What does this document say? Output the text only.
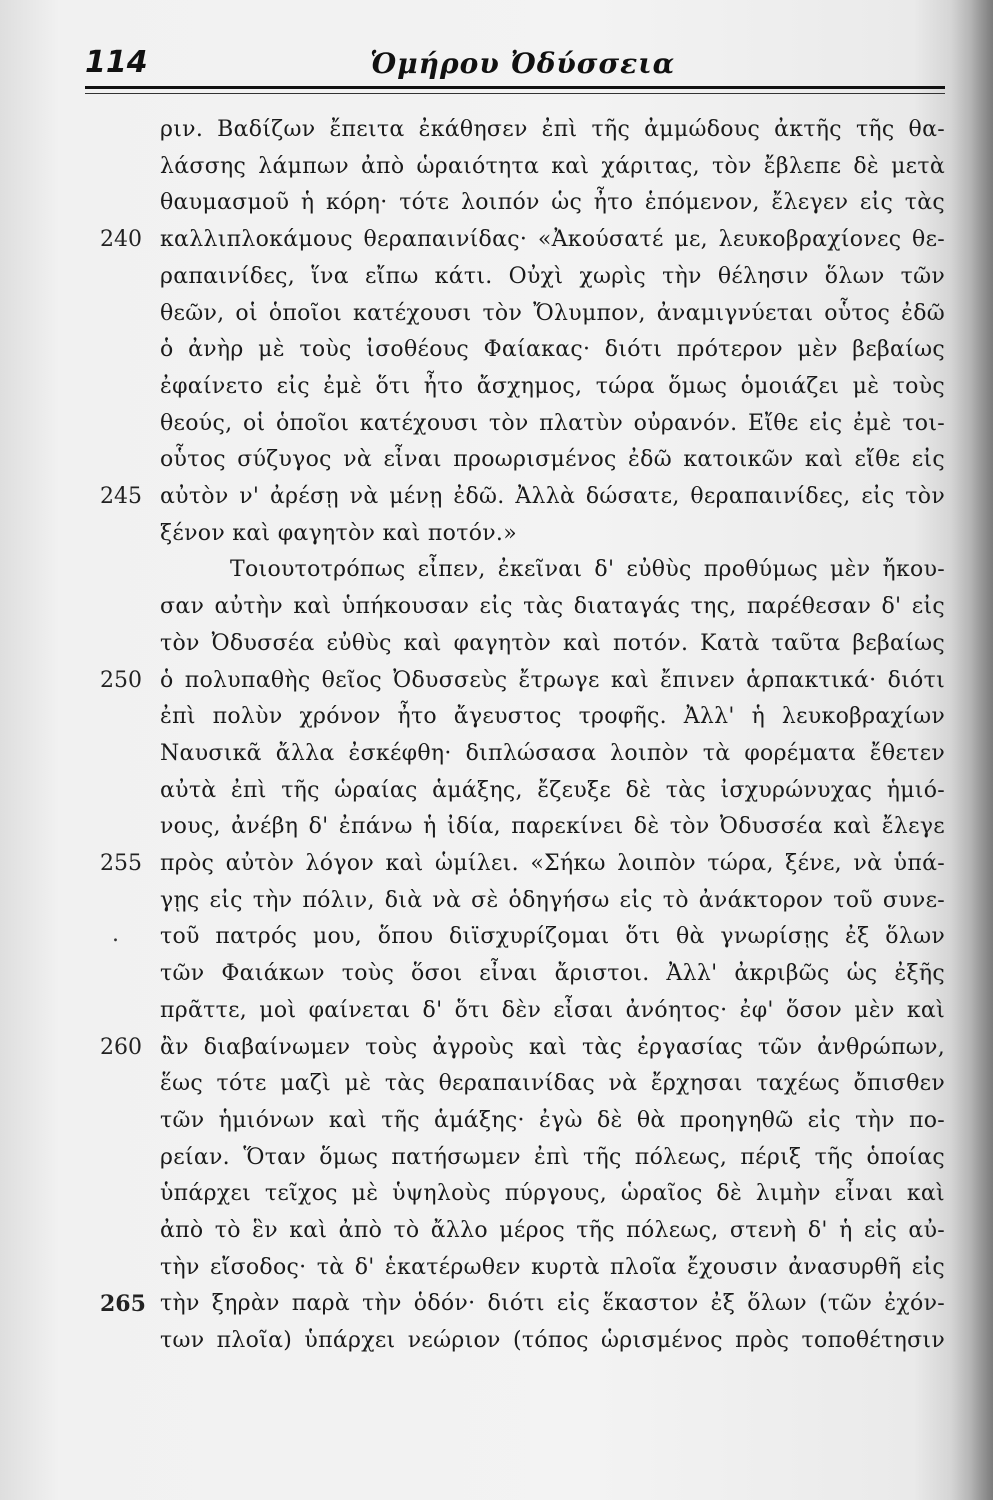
114	Ὁμήρου Ὀδύσσεια
ριν. Βαδίζων ἔπειτα ἐκάθησεν ἐπὶ τῆς ἀμμώδους ἀκτῆς τῆς θα-
λάσσης λάμπων ἀπὸ ὡραιότητα καὶ χάριτας, τὸν ἔβλεπε δὲ μετὰ
θαυμασμοῦ ἡ κόρη· τότε λοιπόν ὡς ἦτο ἑπόμενον, ἔλεγεν εἰς τὰς
καλλιπλοκάμους θεραπαινίδας· «Ἀκούσατέ με, λευκοβραχίονες θε-
240
ραπαινίδες, ἵνα εἴπω κάτι. Οὐχὶ χωρὶς τὴν θέλησιν ὅλων τῶν
θεῶν, οἱ ὁποῖοι κατέχουσι τὸν Ὄλυμπον, ἀναμιγνύεται οὗτος ἐδῶ
ὁ ἀνὴρ μὲ τοὺς ἰσοθέους Φαίακας· διότι πρότερον μὲν βεβαίως
ἐφαίνετο εἰς ἐμὲ ὅτι ἦτο ἄσχημος, τώρα ὅμως ὁμοιάζει μὲ τοὺς
θεούς, οἱ ὁποῖοι κατέχουσι τὸν πλατὺν οὐρανόν. Εἴθε εἰς ἐμὲ τοι-
οὗτος σύζυγος νὰ εἶναι προωρισμένος ἐδῶ κατοικῶν καὶ εἴθε εἰς
αὐτὸν ν' ἀρέσῃ νὰ μένῃ ἐδῶ. Ἀλλὰ δώσατε, θεραπαινίδες, εἰς τὸν
245
ξένον καὶ φαγητὸν καὶ ποτόν.»
Τοιουτοτρόπως εἶπεν, ἐκεῖναι δ' εὐθὺς προθύμως μὲν ἤκου-
σαν αὐτὴν καὶ ὑπήκουσαν εἰς τὰς διαταγάς της, παρέθεσαν δ' εἰς
τὸν Ὀδυσσέα εὐθὺς καὶ φαγητὸν καὶ ποτόν. Κατὰ ταῦτα βεβαίως
ὁ πολυπαθὴς θεῖος Ὀδυσσεὺς ἔτρωγε καὶ ἔπινεν ἁρπακτικά· διότι
250
ἐπὶ πολὺν χρόνον ἦτο ἄγευστος τροφῆς. Ἀλλ' ἡ λευκοβραχίων
Ναυσικᾶ ἄλλα ἐσκέφθη· διπλώσασα λοιπὸν τὰ φορέματα ἔθετεν
αὐτὰ ἐπὶ τῆς ὡραίας ἁμάξης, ἔζευξε δὲ τὰς ἰσχυρώνυχας ἡμιό-
νους, ἀνέβη δ' ἐπάνω ἡ ἰδία, παρεκίνει δὲ τὸν Ὀδυσσέα καὶ ἔλεγε
πρὸς αὐτὸν λόγον καὶ ὡμίλει. «Σήκω λοιπὸν τώρα, ξένε, νὰ ὑπά-
255
γῃς εἰς τὴν πόλιν, διὰ νὰ σὲ ὁδηγήσω εἰς τὸ ἀνάκτορον τοῦ συνε-
τοῦ πατρός μου, ὅπου διϊσχυρίζομαι ὅτι θὰ γνωρίσῃς ἐξ ὅλων
τῶν Φαιάκων τοὺς ὅσοι εἶναι ἄριστοι. Ἀλλ' ἀκριβῶς ὡς ἐξῆς
πρᾶττε, μοὶ φαίνεται δ' ὅτι δὲν εἶσαι ἀνόητος· ἐφ' ὅσον μὲν καὶ
ἂν διαβαίνωμεν τοὺς ἀγροὺς καὶ τὰς ἐργασίας τῶν ἀνθρώπων,
260
ἕως τότε μαζὶ μὲ τὰς θεραπαινίδας νὰ ἔρχησαι ταχέως ὄπισθεν
τῶν ἡμιόνων καὶ τῆς ἁμάξης· ἐγὼ δὲ θὰ προηγηθῶ εἰς τὴν πο-
ρείαν. Ὅταν ὅμως πατήσωμεν ἐπὶ τῆς πόλεως, πέριξ τῆς ὁποίας
ὑπάρχει τεῖχος μὲ ὑψηλοὺς πύργους, ὡραῖος δὲ λιμὴν εἶναι καὶ
ἀπὸ τὸ ἓν καὶ ἀπὸ τὸ ἄλλο μέρος τῆς πόλεως, στενὴ δ' ἡ εἰς αὐ-
τὴν εἴσοδος· τὰ δ' ἑκατέρωθεν κυρτὰ πλοῖα ἔχουσιν ἀνασυρθῆ εἰς
τὴν ξηρὰν παρὰ τὴν ὁδόν· διότι εἰς ἕκαστον ἐξ ὅλων (τῶν ἐχόν-
265
των πλοῖα) ὑπάρχει νεώριον (τόπος ὡρισμένος πρὸς τοποθέτησιν
.
